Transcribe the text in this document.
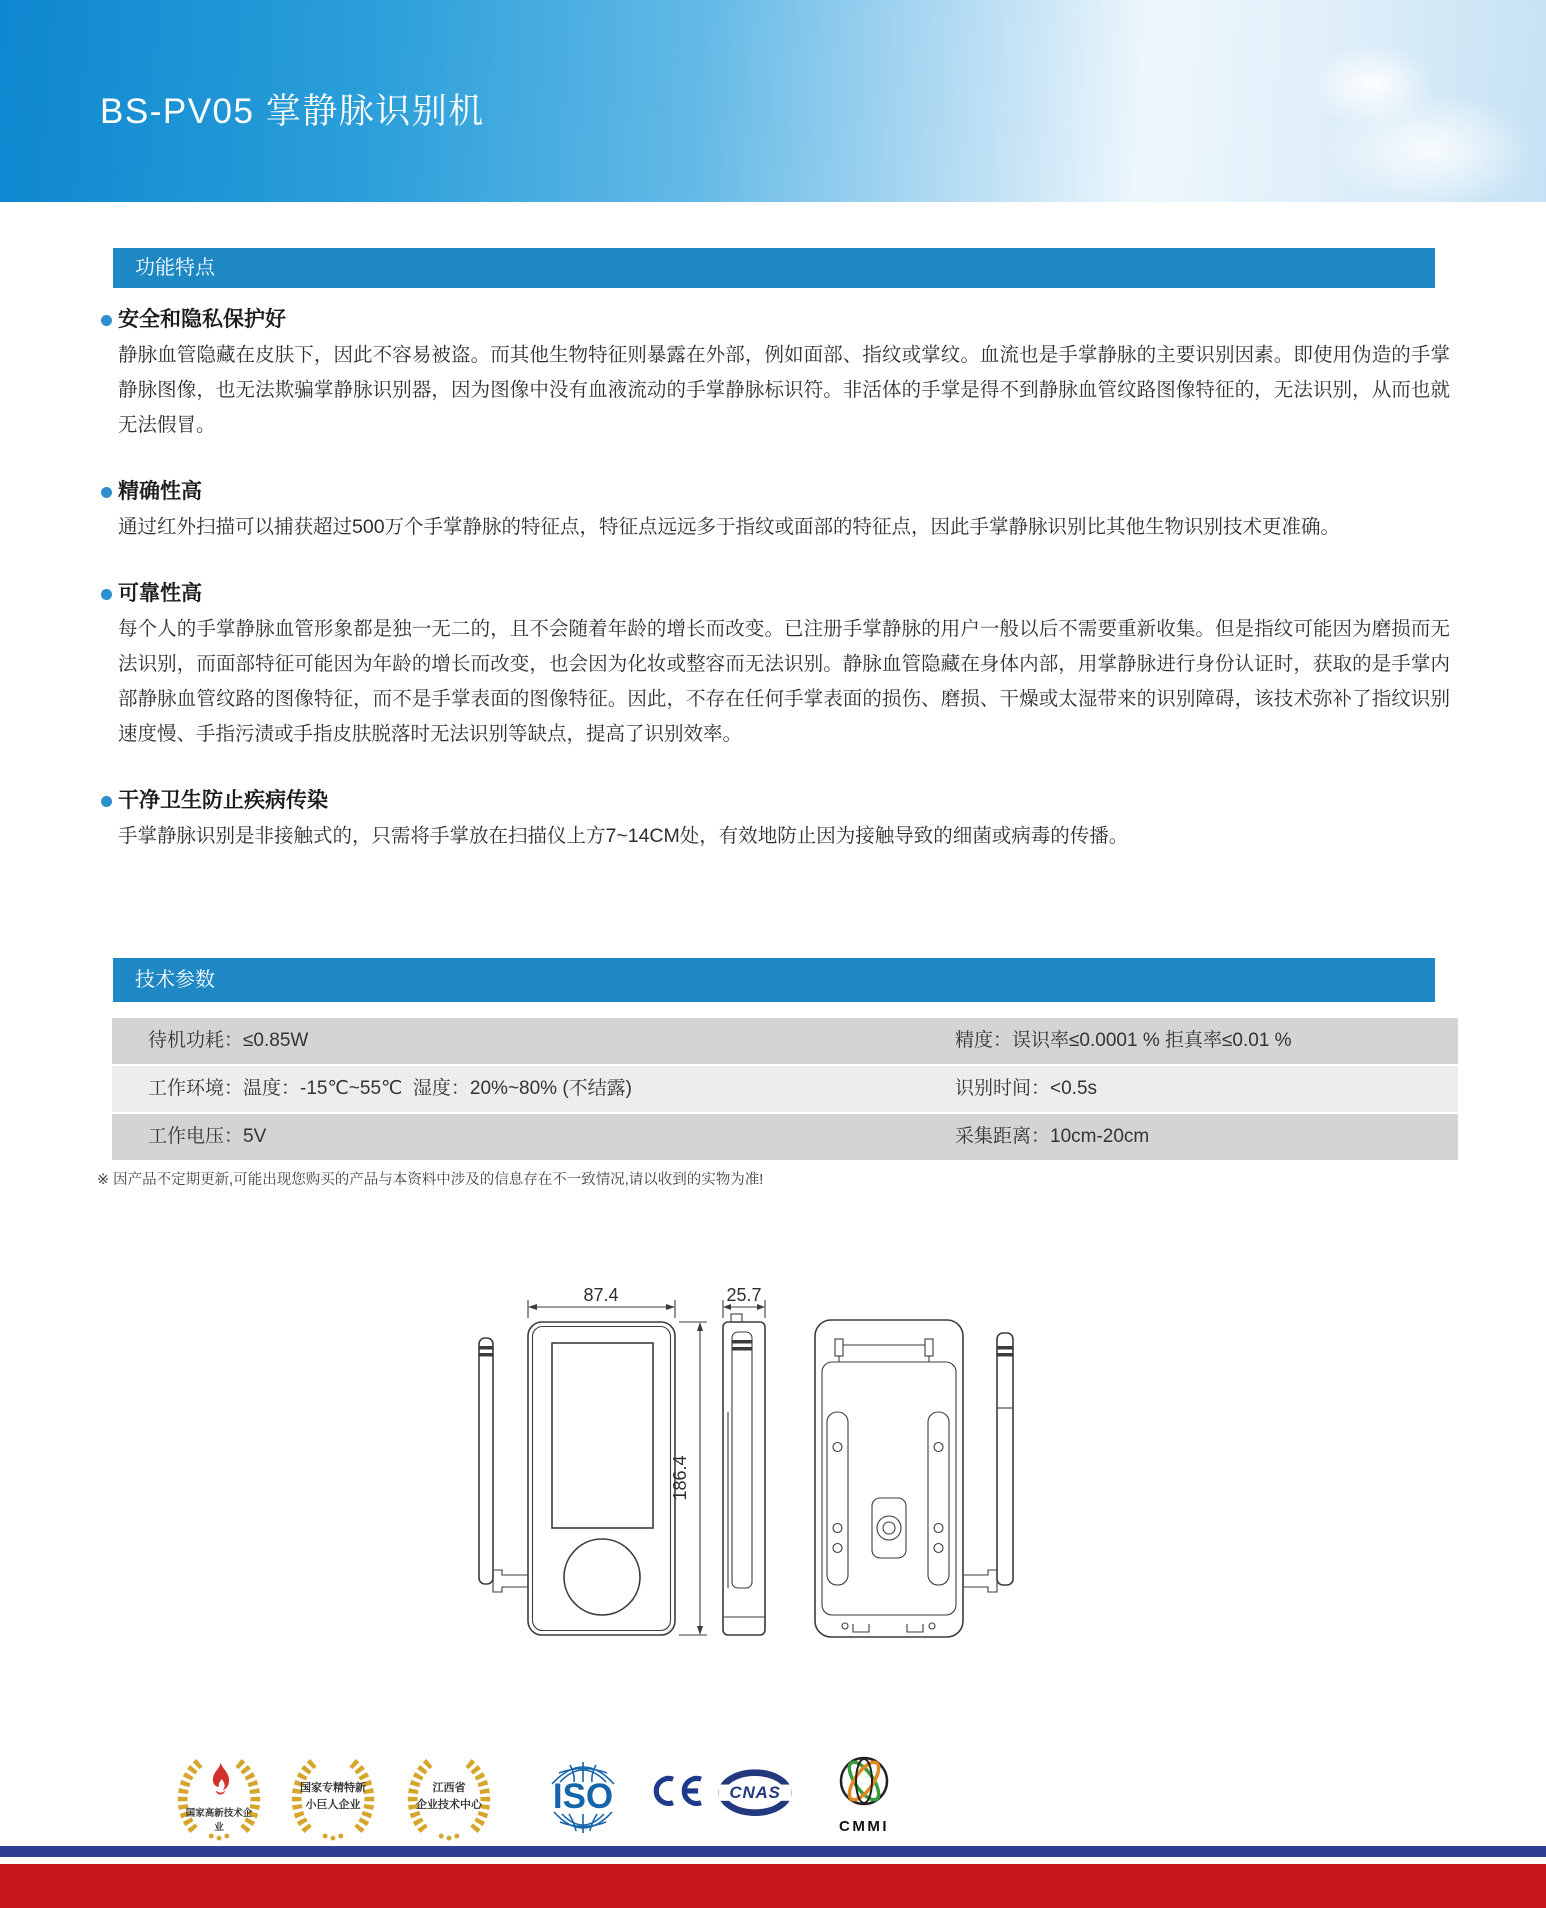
BS-PV05 掌静脉识别机
功能特点
安全和隐私保护好

静脉血管隐藏在皮肤下，因此不容易被盗。而其他生物特征则暴露在外部，例如面部、指纹或掌纹。血流也是手掌静脉的主要识别因素。即使用伪造的手掌静脉图像，也无法欺骗掌静脉识别器，因为图像中没有血液流动的手掌静脉标识符。非活体的手掌是得不到静脉血管纹路图像特征的，无法识别，从而也就无法假冒。

精确性高

通过红外扫描可以捕获超过500万个手掌静脉的特征点，特征点远远多于指纹或面部的特征点，因此手掌静脉识别比其他生物识别技术更准确。

可靠性高

每个人的手掌静脉血管形象都是独一无二的，且不会随着年龄的增长而改变。已注册手掌静脉的用户一般以后不需要重新收集。但是指纹可能因为磨损而无法识别，而面部特征可能因为年龄的增长而改变，也会因为化妆或整容而无法识别。静脉血管隐藏在身体内部，用掌静脉进行身份认证时，获取的是手掌内部静脉血管纹路的图像特征，而不是手掌表面的图像特征。因此，不存在任何手掌表面的损伤、磨损、干燥或太湿带来的识别障碍，该技术弥补了指纹识别速度慢、手指污渍或手指皮肤脱落时无法识别等缺点，提高了识别效率。

干净卫生防止疾病传染

手掌静脉识别是非接触式的，只需将手掌放在扫描仪上方7~14CM处，有效地防止因为接触导致的细菌或病毒的传播。

技术参数
待机功耗：≤0.85W	精度：误识率≤0.0001 % 拒真率≤0.01 %
工作环境：温度：-15℃~55℃  湿度：20%~80% (不结露)	识别时间：<0.5s
工作电压：5V	采集距离：10cm-20cm

※ 因产品不定期更新,可能出现您购买的产品与本资料中涉及的信息存在不一致情况,请以收到的实物为准!

87.4
186.4
25.7
国家高新技术企业
国家专精特新
小巨人企业
江西省
企业技术中心 ISO	CNAS
CMMI
